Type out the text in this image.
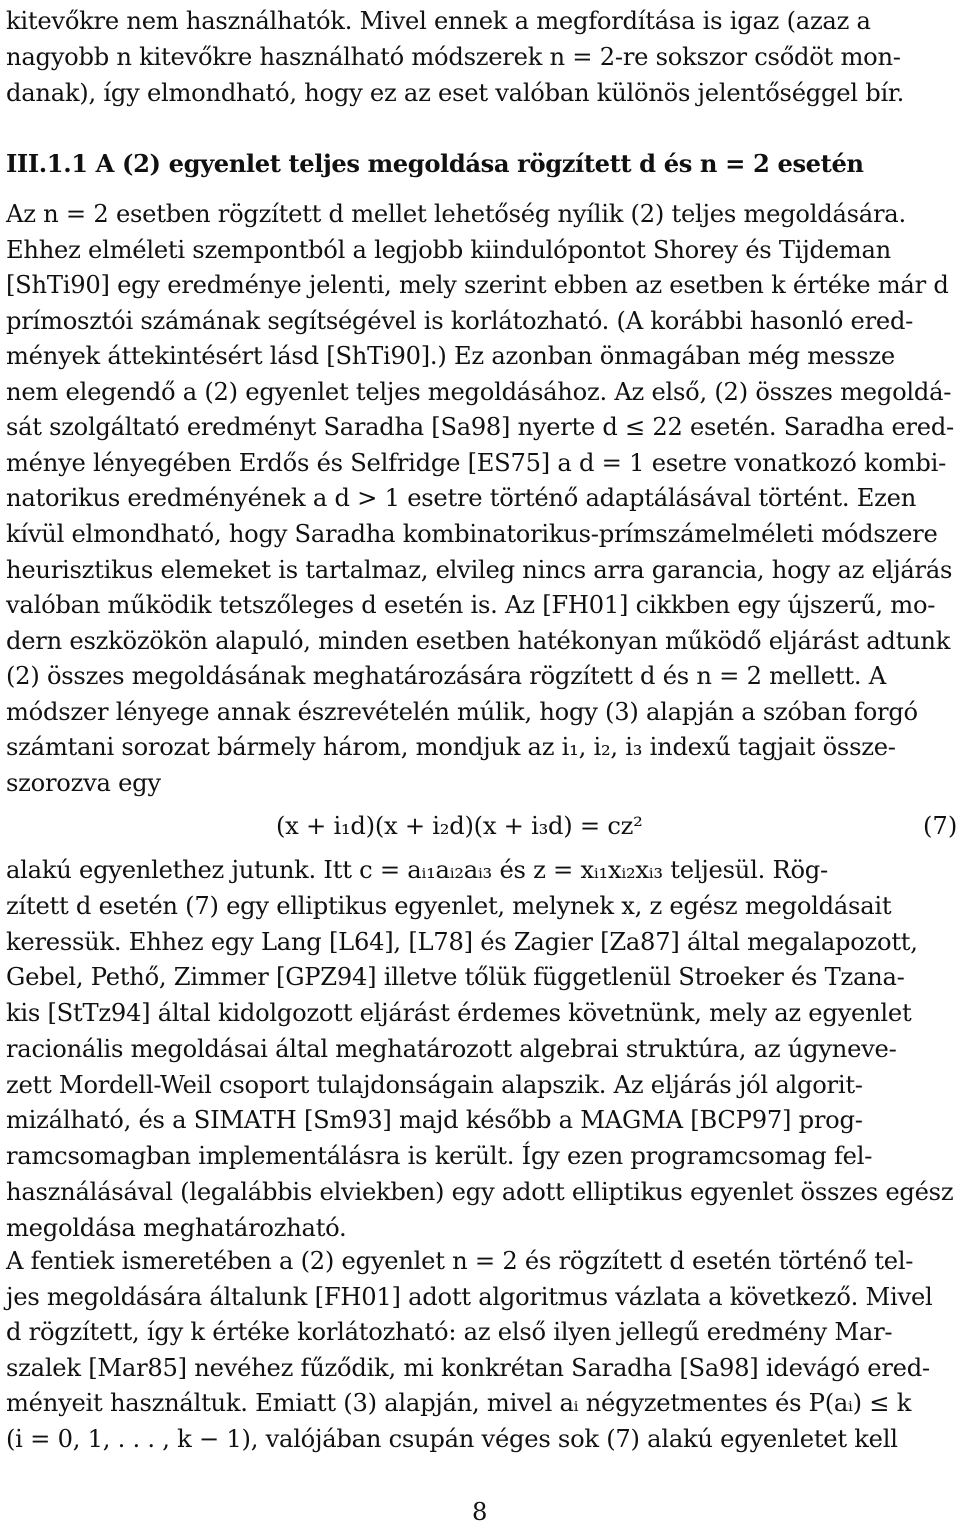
kitevőkre nem használhatók. Mivel ennek a megfordítása is igaz (azaz a
nagyobb n kitevőkre használható módszerek n = 2-re sokszor csődöt mon-
danak), így elmondható, hogy ez az eset valóban különös jelentőséggel bír.
Az n = 2 esetben rögzített d mellet lehetőség nyílik (2) teljes megoldására.
Ehhez elméleti szempontból a legjobb kiindulópontot Shorey és Tijdeman
[ShTi90] egy eredménye jelenti, mely szerint ebben az esetben k értéke már d
prímosztói számának segítségével is korlátozható. (A korábbi hasonló ered-
mények áttekintésért lásd [ShTi90].) Ez azonban önmagában még messze
nem elegendő a (2) egyenlet teljes megoldásához. Az első, (2) összes megoldá-
sát szolgáltató eredményt Saradha [Sa98] nyerte d ≤ 22 esetén. Saradha ered-
ménye lényegében Erdős és Selfridge [ES75] a d = 1 esetre vonatkozó kombi-
natorikus eredményének a d > 1 esetre történő adaptálásával történt. Ezen
kívül elmondható, hogy Saradha kombinatorikus-prímszámelméleti módszere
heurisztikus elemeket is tartalmaz, elvileg nincs arra garancia, hogy az eljárás
valóban működik tetszőleges d esetén is. Az [FH01] cikkben egy újszerű, mo-
dern eszközökön alapuló, minden esetben hatékonyan működő eljárást adtunk
(2) összes megoldásának meghatározására rögzített d és n = 2 mellett. A
módszer lényege annak észrevételén múlik, hogy (3) alapján a szóban forgó
számtani sorozat bármely három, mondjuk az i₁, i₂, i₃ indexű tagjait össze-
szorozva egy
alakú egyenlethez jutunk. Itt c = aᵢ₁aᵢ₂aᵢ₃ és z = xᵢ₁xᵢ₂xᵢ₃ teljesül. Rög-
zített d esetén (7) egy elliptikus egyenlet, melynek x, z egész megoldásait
keressük. Ehhez egy Lang [L64], [L78] és Zagier [Za87] által megalapozott,
Gebel, Pethő, Zimmer [GPZ94] illetve tőlük függetlenül Stroeker és Tzana-
kis [StTz94] által kidolgozott eljárást érdemes követnünk, mely az egyenlet
racionális megoldásai által meghatározott algebrai struktúra, az úgyneve-
zett Mordell-Weil csoport tulajdonságain alapszik. Az eljárás jól algorit-
mizálható, és a SIMATH [Sm93] majd később a MAGMA [BCP97] prog-
ramcsomagban implementálásra is került. Így ezen programcsomag fel-
használásával (legalábbis elviekben) egy adott elliptikus egyenlet összes egész
megoldása meghatározható.
A fentiek ismeretében a (2) egyenlet n = 2 és rögzített d esetén történő tel-
jes megoldására általunk [FH01] adott algoritmus vázlata a következő. Mivel
d rögzített, így k értéke korlátozható: az első ilyen jellegű eredmény Mar-
szalek [Mar85] nevéhez fűződik, mi konkrétan Saradha [Sa98] idevágó ered-
ményeit használtuk. Emiatt (3) alapján, mivel aᵢ négyzetmentes és P(aᵢ) ≤ k
(i = 0, 1, . . . , k − 1), valójában csupán véges sok (7) alakú egyenletet kell
III.1.1 A (2) egyenlet teljes megoldása rögzített d és n = 2 esetén
(x + i₁d)(x + i₂d)(x + i₃d) = cz²	(7)
8
